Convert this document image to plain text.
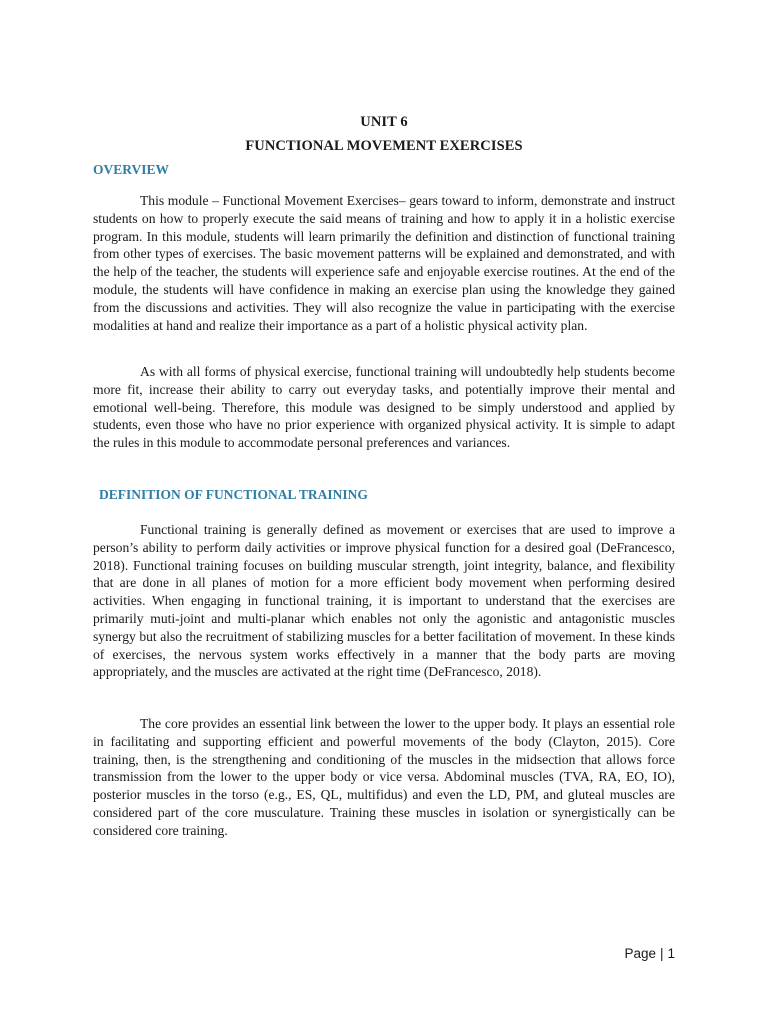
UNIT 6
FUNCTIONAL MOVEMENT EXERCISES
OVERVIEW

This module – Functional Movement Exercises– gears toward to inform, demonstrate and instruct students on how to properly execute the said means of training and how to apply it in a holistic exercise program. In this module, students will learn primarily the definition and distinction of functional training from other types of exercises. The basic movement patterns will be explained and demonstrated, and with the help of the teacher, the students will experience safe and enjoyable exercise routines. At the end of the module, the students will have confidence in making an exercise plan using the knowledge they gained from the discussions and activities. They will also recognize the value in participating with the exercise modalities at hand and realize their importance as a part of a holistic physical activity plan.

As with all forms of physical exercise, functional training will undoubtedly help students become more fit, increase their ability to carry out everyday tasks, and potentially improve their mental and emotional well-being. Therefore, this module was designed to be simply understood and applied by students, even those who have no prior experience with organized physical activity. It is simple to adapt the rules in this module to accommodate personal preferences and variances.

DEFINITION OF FUNCTIONAL TRAINING

Functional training is generally defined as movement or exercises that are used to improve a person’s ability to perform daily activities or improve physical function for a desired goal (DeFrancesco, 2018). Functional training focuses on building muscular strength, joint integrity, balance, and flexibility that are done in all planes of motion for a more efficient body movement when performing desired activities. When engaging in functional training, it is important to understand that the exercises are primarily muti-joint and multi-planar which enables not only the agonistic and antagonistic muscles synergy but also the recruitment of stabilizing muscles for a better facilitation of movement. In these kinds of exercises, the nervous system works effectively in a manner that the body parts are moving appropriately, and the muscles are activated at the right time (DeFrancesco, 2018).

The core provides an essential link between the lower to the upper body. It plays an essential role in facilitating and supporting efficient and powerful movements of the body (Clayton, 2015). Core training, then, is the strengthening and conditioning of the muscles in the midsection that allows force transmission from the lower to the upper body or vice versa. Abdominal muscles (TVA, RA, EO, IO), posterior muscles in the torso (e.g., ES, QL, multifidus) and even the LD, PM, and gluteal muscles are considered part of the core musculature. Training these muscles in isolation or synergistically can be considered core training.

Page | 1
